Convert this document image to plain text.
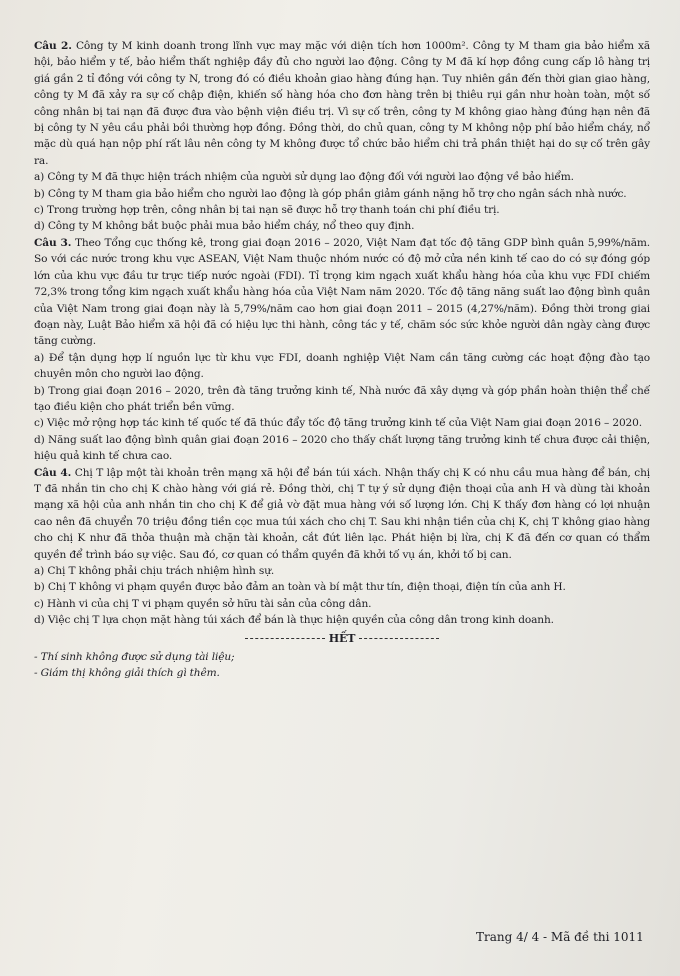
Câu 2. Công ty M kinh doanh trong lĩnh vực may mặc với diện tích hơn 1000m². Công ty M tham gia bảo hiểm xã hội, bảo hiểm y tế, bảo hiểm thất nghiệp đầy đủ cho người lao động. Công ty M đã kí hợp đồng cung cấp lô hàng trị giá gần 2 tỉ đồng với công ty N, trong đó có điều khoản giao hàng đúng hạn. Tuy nhiên gần đến thời gian giao hàng, công ty M đã xảy ra sự cố chập điện, khiến số hàng hóa cho đơn hàng trên bị thiêu rụi gần như hoàn toàn, một số công nhân bị tai nạn đã được đưa vào bệnh viện điều trị. Vì sự cố trên, công ty M không giao hàng đúng hạn nên đã bị công ty N yêu cầu phải bồi thường hợp đồng. Đồng thời, do chủ quan, công ty M không nộp phí bảo hiểm cháy, nổ mặc dù quá hạn nộp phí rất lâu nên công ty M không được tổ chức bảo hiểm chi trả phần thiệt hại do sự cố trên gây ra.

a) Công ty M đã thực hiện trách nhiệm của người sử dụng lao động đối với người lao động về bảo hiểm.

b) Công ty M tham gia bảo hiểm cho người lao động là góp phần giảm gánh nặng hỗ trợ cho ngân sách nhà nước.

c) Trong trường hợp trên, công nhân bị tai nạn sẽ được hỗ trợ thanh toán chi phí điều trị.

d) Công ty M không bắt buộc phải mua bảo hiểm cháy, nổ theo quy định.

Câu 3. Theo Tổng cục thống kê, trong giai đoạn 2016 – 2020, Việt Nam đạt tốc độ tăng GDP bình quân 5,99%/năm. So với các nước trong khu vực ASEAN, Việt Nam thuộc nhóm nước có độ mở cửa nền kinh tế cao do có sự đóng góp lớn của khu vực đầu tư trực tiếp nước ngoài (FDI). Tỉ trọng kim ngạch xuất khẩu hàng hóa của khu vực FDI chiếm 72,3% trong tổng kim ngạch xuất khẩu hàng hóa của Việt Nam năm 2020. Tốc độ tăng năng suất lao động bình quân của Việt Nam trong giai đoạn này là 5,79%/năm cao hơn giai đoạn 2011 – 2015 (4,27%/năm). Đồng thời trong giai đoạn này, Luật Bảo hiểm xã hội đã có hiệu lực thi hành, công tác y tế, chăm sóc sức khỏe người dân ngày càng được tăng cường.

a) Để tận dụng hợp lí nguồn lực từ khu vực FDI, doanh nghiệp Việt Nam cần tăng cường các hoạt động đào tạo chuyên môn cho người lao động.

b) Trong giai đoạn 2016 – 2020, trên đà tăng trưởng kinh tế, Nhà nước đã xây dựng và góp phần hoàn thiện thể chế tạo điều kiện cho phát triển bền vững.

c) Việc mở rộng hợp tác kinh tế quốc tế đã thúc đẩy tốc độ tăng trưởng kinh tế của Việt Nam giai đoạn 2016 – 2020.

d) Năng suất lao động bình quân giai đoạn 2016 – 2020 cho thấy chất lượng tăng trưởng kinh tế chưa được cải thiện, hiệu quả kinh tế chưa cao.

Câu 4. Chị T lập một tài khoản trên mạng xã hội để bán túi xách. Nhận thấy chị K có nhu cầu mua hàng để bán, chị T đã nhắn tin cho chị K chào hàng với giá rẻ. Đồng thời, chị T tự ý sử dụng điện thoại của anh H và dùng tài khoản mạng xã hội của anh nhắn tin cho chị K để giả vờ đặt mua hàng với số lượng lớn. Chị K thấy đơn hàng có lợi nhuận cao nên đã chuyển 70 triệu đồng tiền cọc mua túi xách cho chị T. Sau khi nhận tiền của chị K, chị T không giao hàng cho chị K như đã thỏa thuận mà chặn tài khoản, cắt đứt liên lạc. Phát hiện bị lừa, chị K đã đến cơ quan có thẩm quyền để trình báo sự việc. Sau đó, cơ quan có thẩm quyền đã khởi tố vụ án, khởi tố bị can.

a) Chị T không phải chịu trách nhiệm hình sự.

b) Chị T không vi phạm quyền được bảo đảm an toàn và bí mật thư tín, điện thoại, điện tín của anh H.

c) Hành vi của chị T vi phạm quyền sở hữu tài sản của công dân.

d) Việc chị T lựa chọn mặt hàng túi xách để bán là thực hiện quyền của công dân trong kinh doanh.

HẾT

- Thí sinh không được sử dụng tài liệu;

- Giám thị không giải thích gì thêm.

Trang 4/ 4 - Mã đề thi 1011
